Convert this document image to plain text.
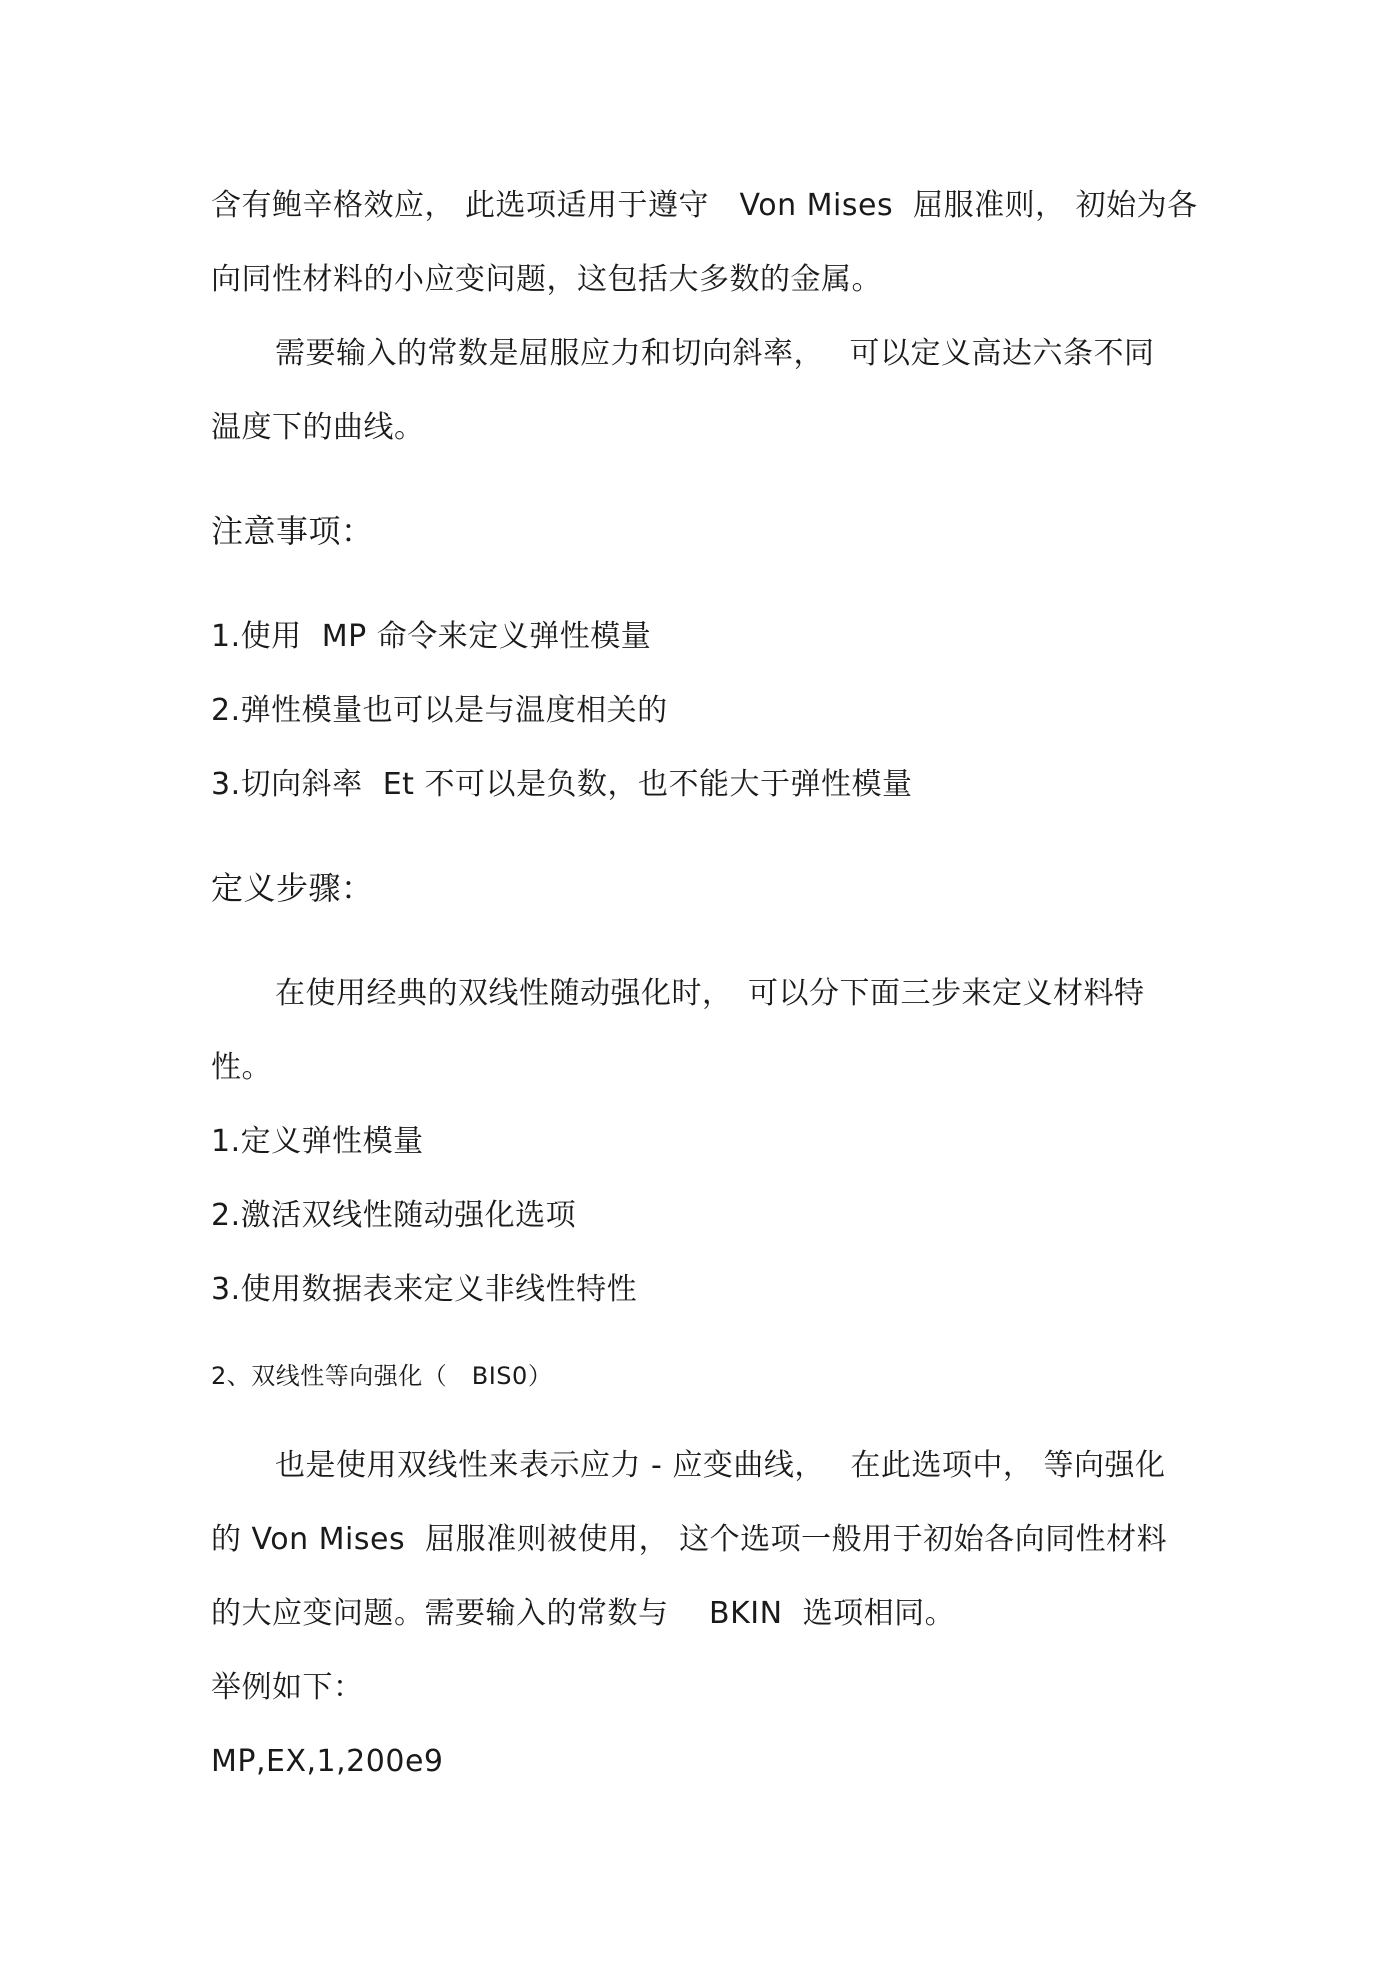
含有鲍辛格效应， 此选项适用于遵守　Von Mises  屈服准则， 初始为各
向同性材料的小应变问题，这包括大多数的金属。
需要输入的常数是屈服应力和切向斜率，　 可以定义高达六条不同
温度下的曲线。
注意事项：
1.使用  MP 命令来定义弹性模量
2.弹性模量也可以是与温度相关的
3.切向斜率  Et 不可以是负数，也不能大于弹性模量
定义步骤：
在使用经典的双线性随动强化时，　可以分下面三步来定义材料特
性。
1.定义弹性模量
2.激活双线性随动强化选项
3.使用数据表来定义非线性特性
2、双线性等向强化（　BIS0）
也是使用双线性来表示应力 - 应变曲线，　 在此选项中， 等向强化
的 Von Mises  屈服准则被使用， 这个选项一般用于初始各向同性材料
的大应变问题。需要输入的常数与　 BKIN  选项相同。
举例如下：
MP,EX,1,200e9
